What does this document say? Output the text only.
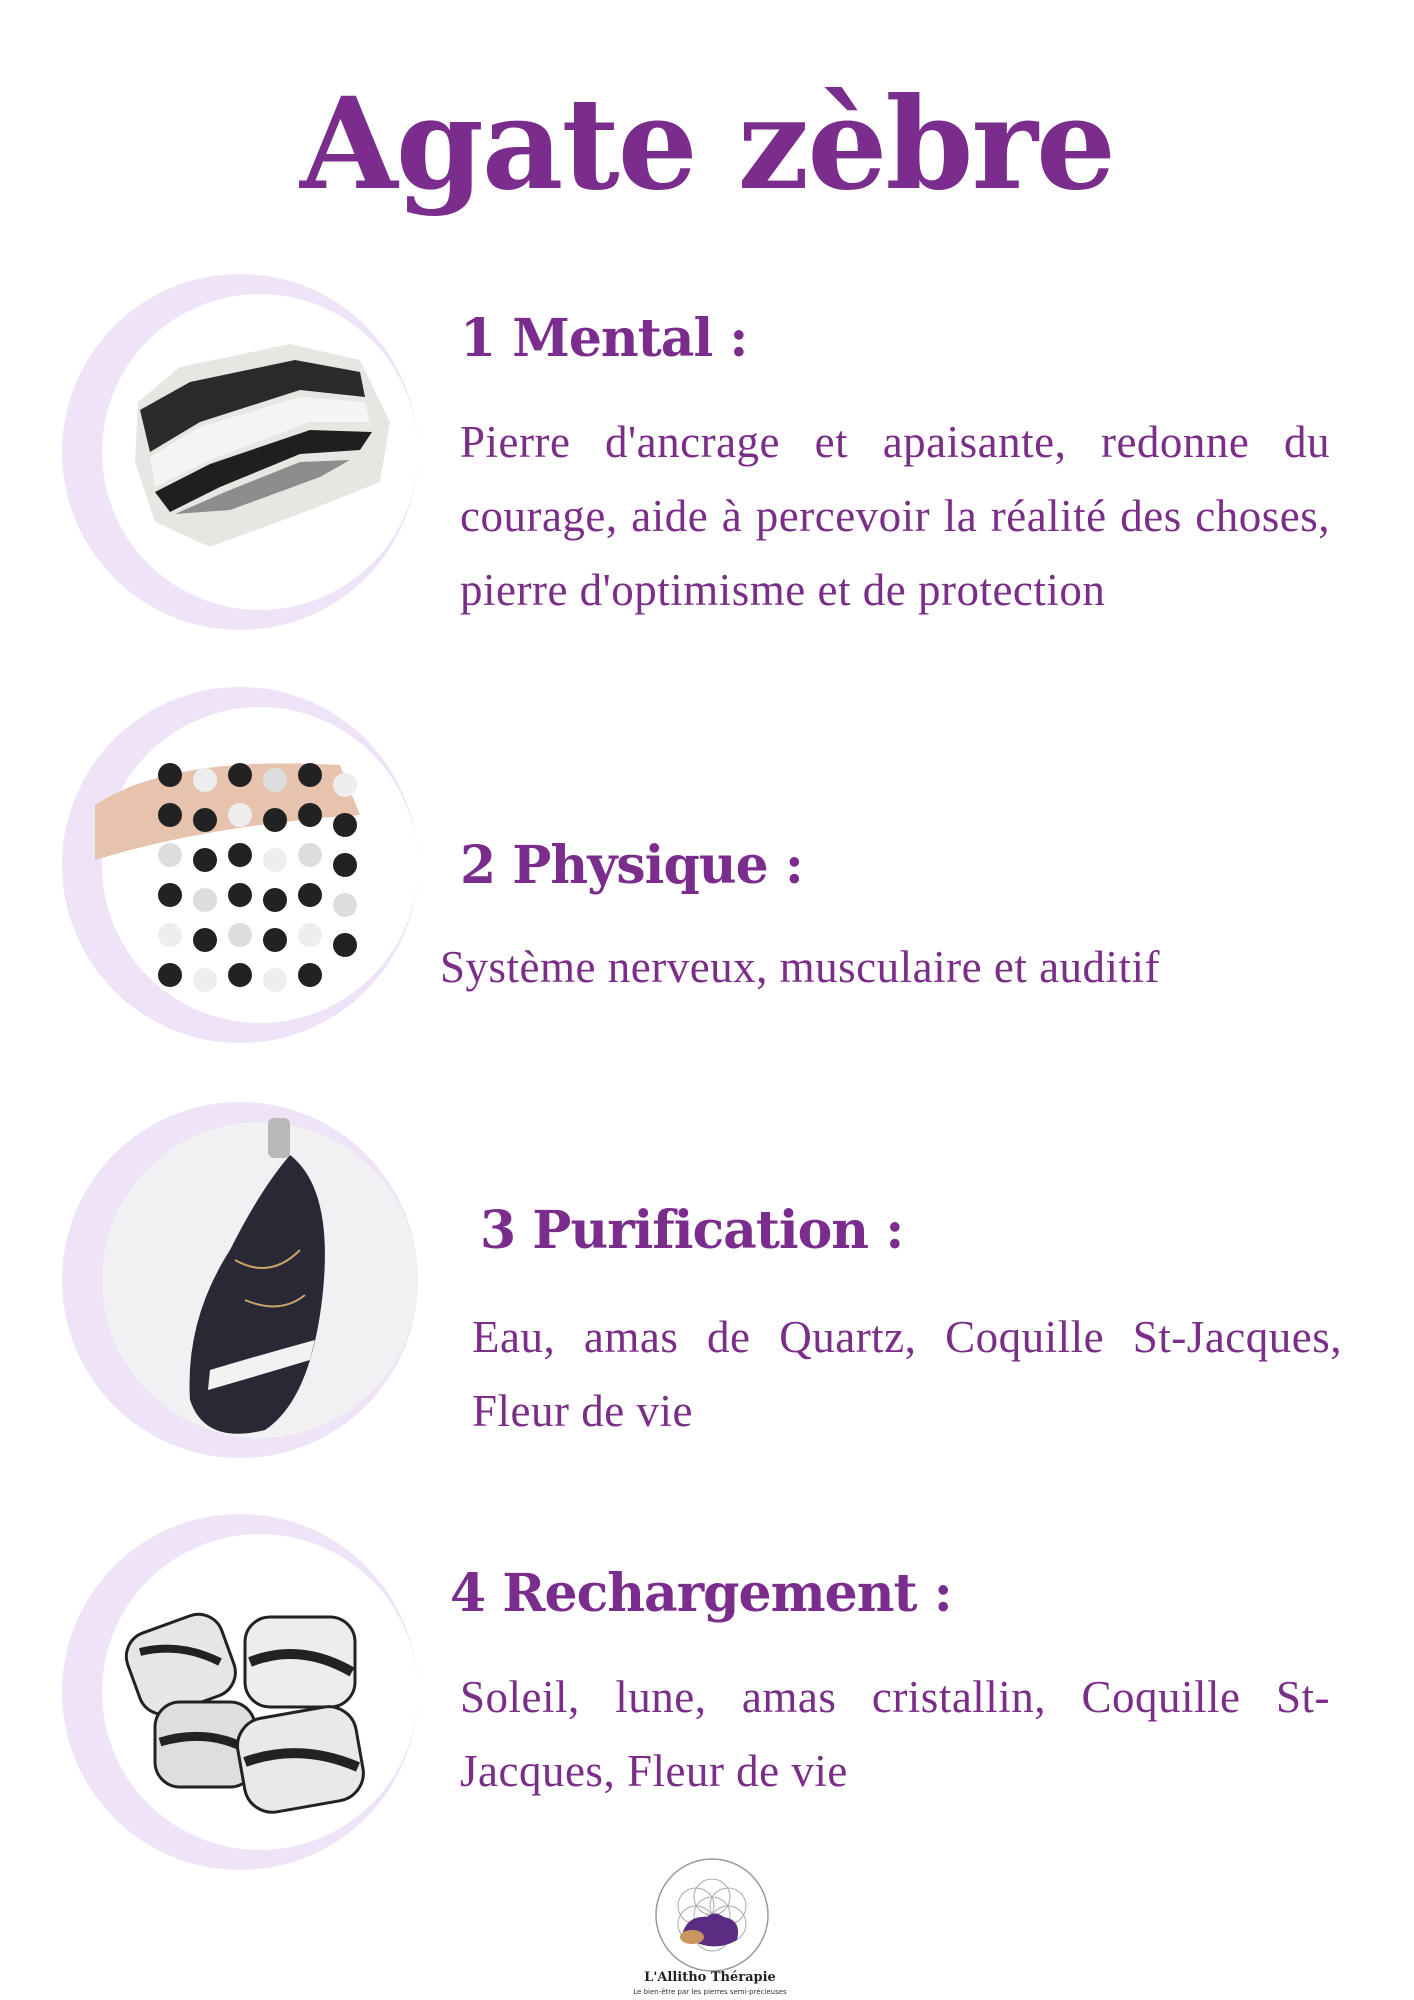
Agate zèbre
1 Mental :

Pierre d'ancrage et apaisante, redonne du courage, aide à percevoir la réalité des choses, pierre d'optimisme et de protection

2 Physique :

Système nerveux, musculaire et auditif

3 Purification :

Eau, amas de Quartz, Coquille St-Jacques, Fleur de vie

4 Rechargement :

Soleil, lune, amas cristallin, Coquille St-Jacques, Fleur de vie

L'Allitho Thérapie
Le bien-être par les pierres semi-précieuses
